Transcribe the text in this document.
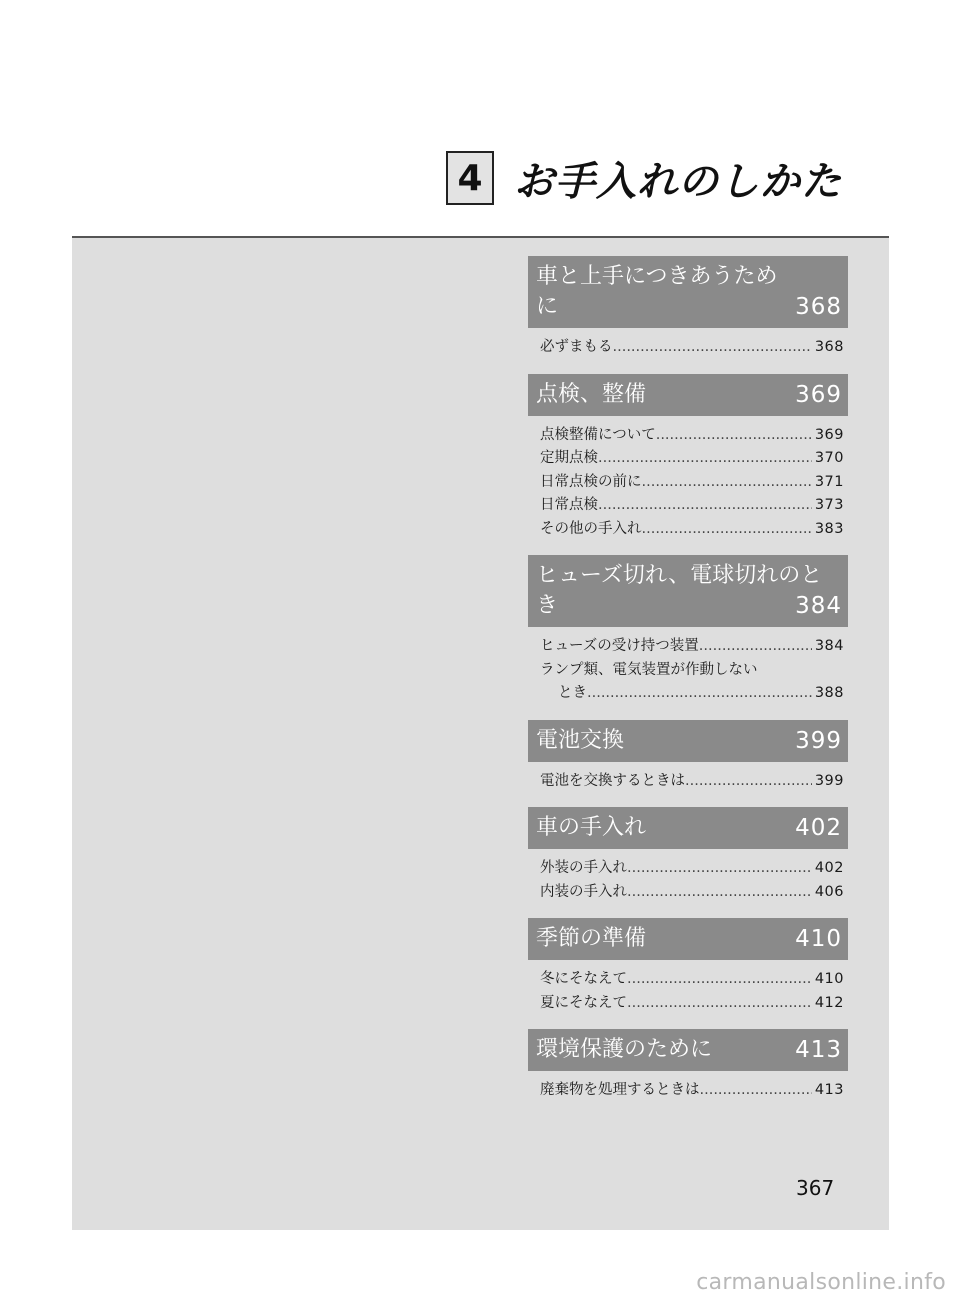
4 お手入れのしかた
車と上手につきあうため
に	368
必ずまもる .....	368
点検、整備	369
点検整備について .....	369
定期点検 .....	370
日常点検の前に .....	371
日常点検 .....	373
その他の手入れ .....	383
ヒューズ切れ、電球切れのと
き	384
ヒューズの受け持つ装置 .....	384
ランプ類、電気装置が作動しない
とき .....	388
電池交換	399
電池を交換するときは .....	399
車の手入れ	402
外装の手入れ .....	402
内装の手入れ .....	406
季節の準備	410
冬にそなえて .....	410
夏にそなえて .....	412
環境保護のために	413
廃棄物を処理するときは .....	413
367
carmanualsonline.info
